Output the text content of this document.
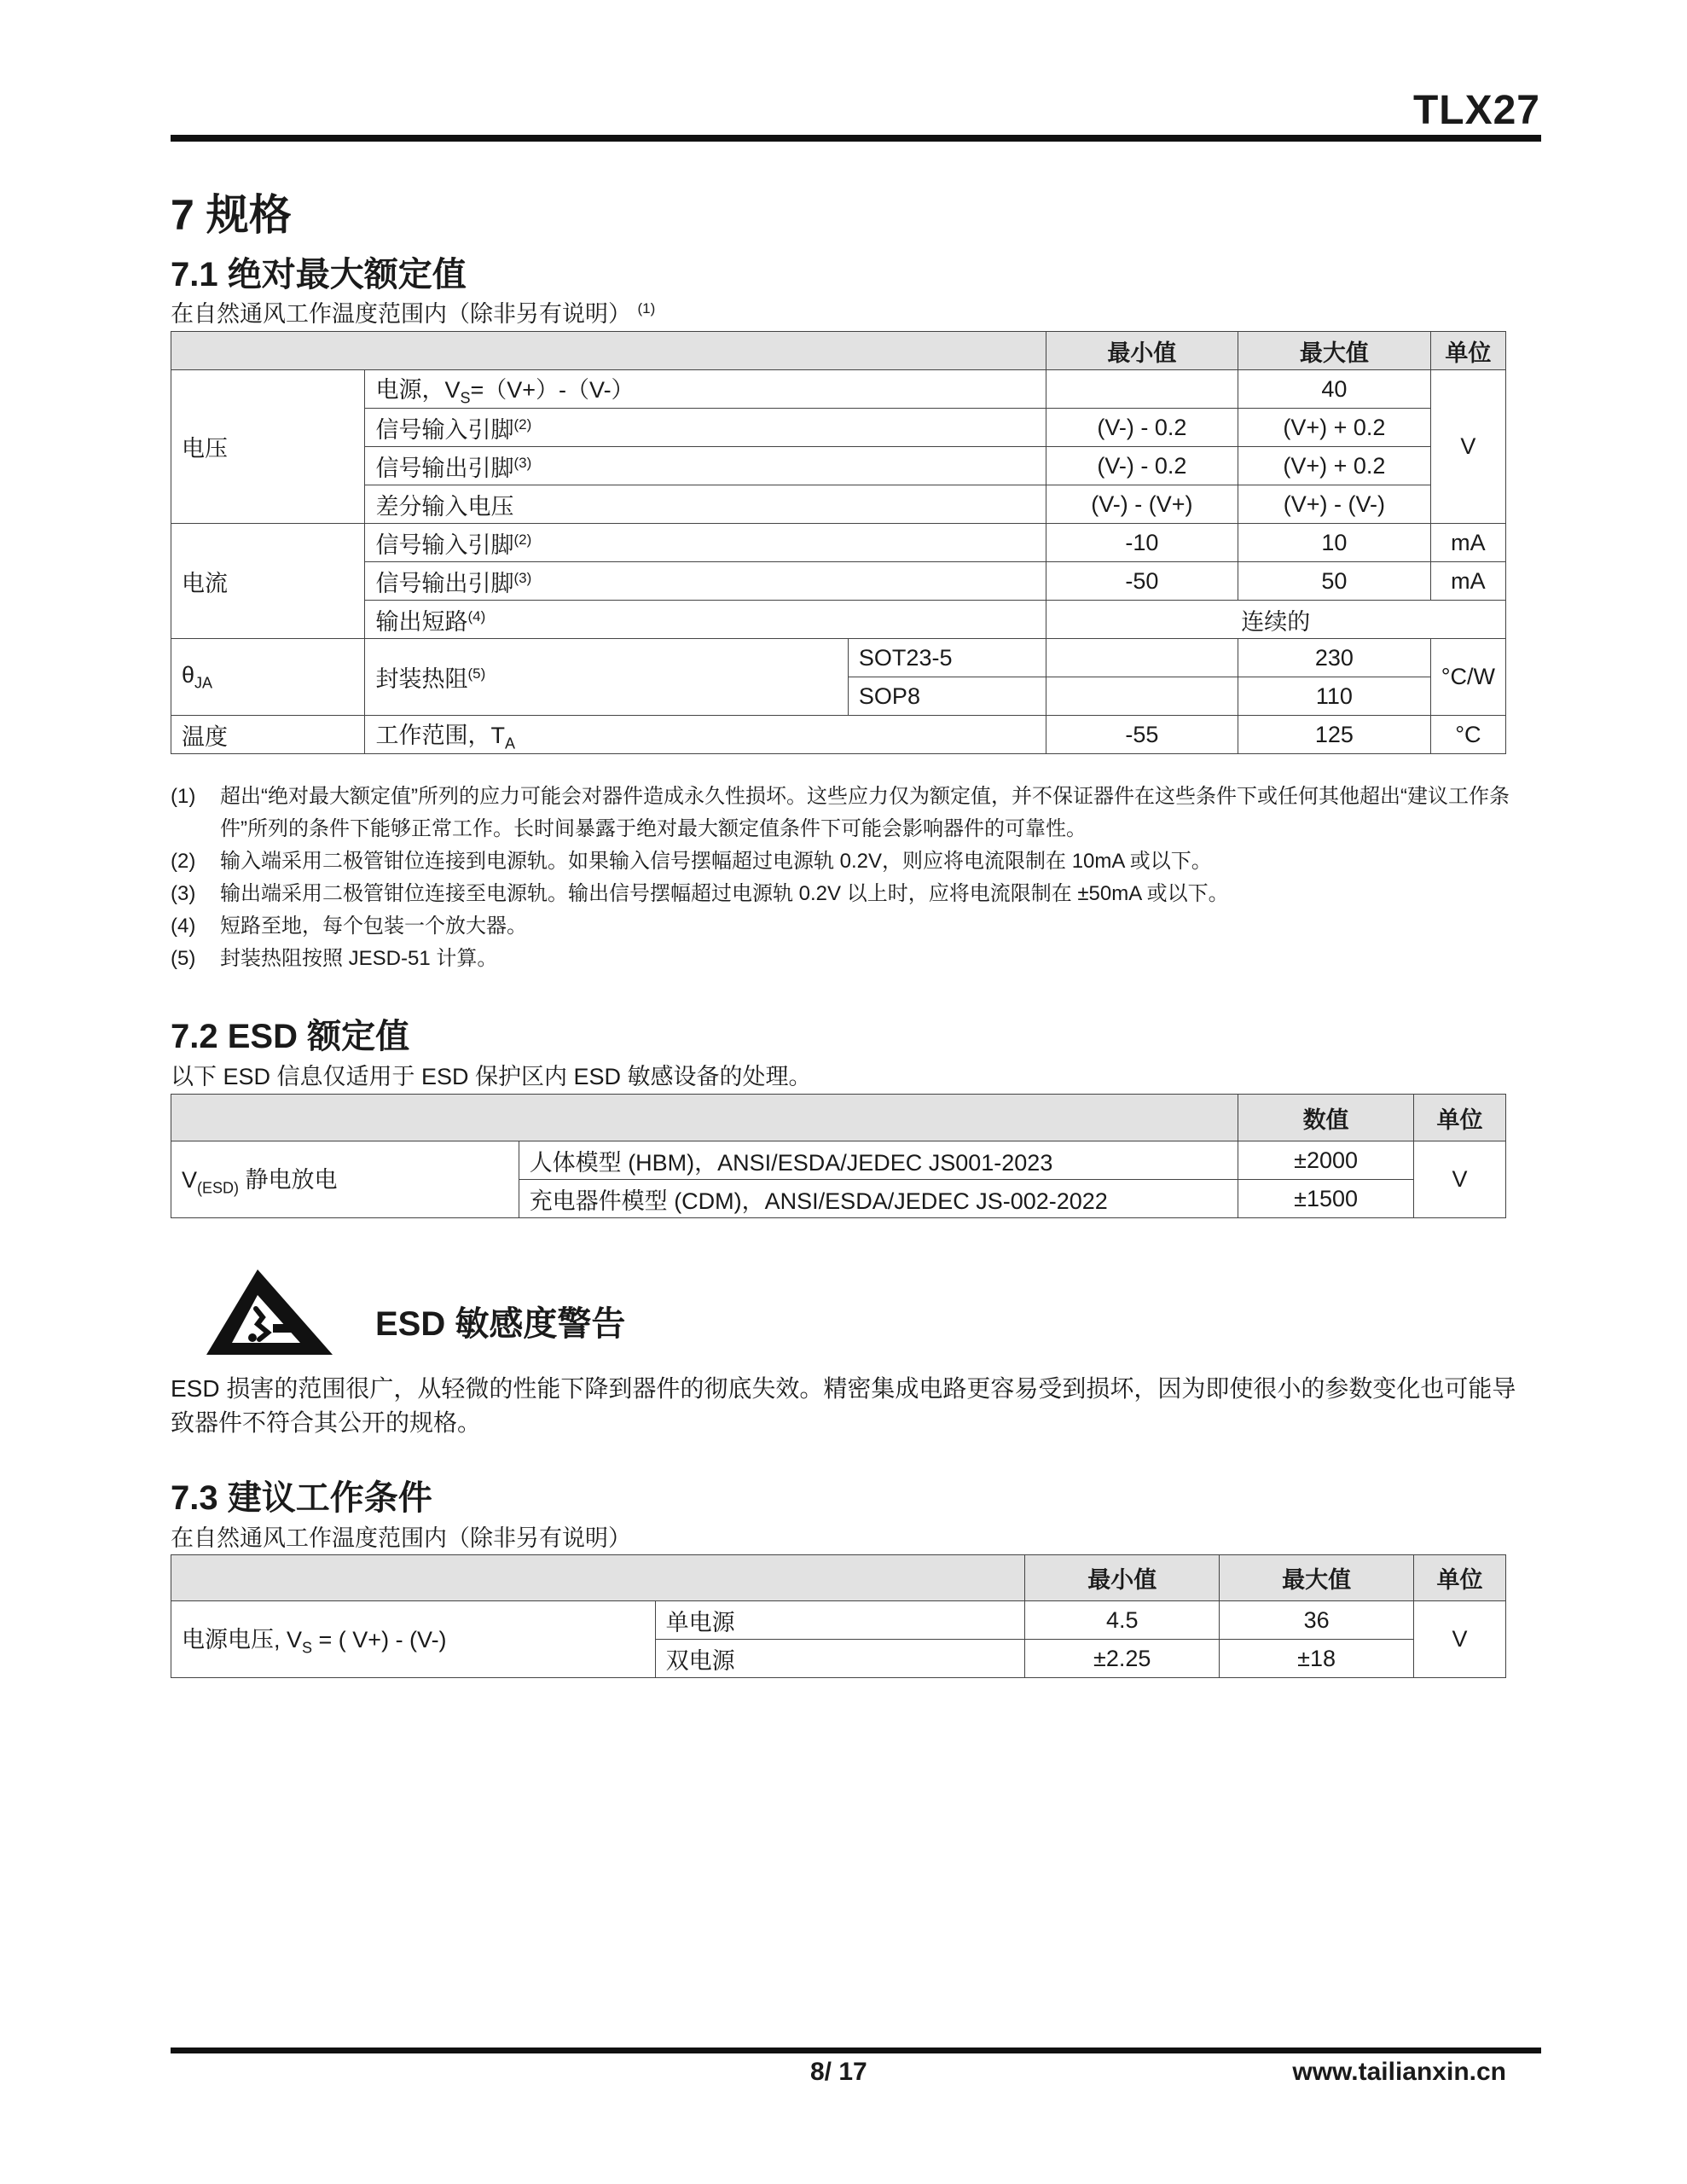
TLX27
7 规格
7.1 绝对最大额定值
在自然通风工作温度范围内（除非另有说明） $^{(1)}$
			最小值	最大值	单位
电压	电源，$V_S=(V+)-(V-)$			40	V
	信号输入引脚$^{(2)}$		(V-) - 0.2	(V+) + 0.2	
	信号输出引脚$^{(3)}$		(V-) - 0.2	(V+) + 0.2	
	差分输入电压		(V-) - (V+)	(V+) - (V-)	
电流	信号输入引脚$^{(2)}$		-10	10	mA
	信号输出引脚$^{(3)}$		-50	50	mA
	输出短路$^{(4)}$		连续的		
$\theta_{JA}$	封装热阻$^{(5)}$	SOT23-5		230	°C/W
		SOP8		110	
温度	工作范围，$T_A$		-55	125	°C
(1)	超出“绝对最大额定值”所列的应力可能会对器件造成永久性损坏。这些应力仅为额定值，并不保证器件在这些条件下或任何其他超出“建议工作条件”所列的条件下能够正常工作。长时间暴露于绝对最大额定值条件下可能会影响器件的可靠性。
(2)	输入端采用二极管钳位连接到电源轨。如果输入信号摆幅超过电源轨 0.2V，则应将电流限制在 10mA 或以下。
(3)	输出端采用二极管钳位连接至电源轨。输出信号摆幅超过电源轨 0.2V 以上时，应将电流限制在 ±50mA 或以下。
(4)	短路至地，每个包装一个放大器。
(5)	封装热阻按照 JESD-51 计算。
7.2 ESD 额定值
以下 ESD 信息仅适用于 ESD 保护区内 ESD 敏感设备的处理。
		数值	单位
$V_{(ESD)}$ 静电放电	人体模型 (HBM)，ANSI/ESDA/JEDEC JS001-2023	±2000	V
	充电器件模型 (CDM)，ANSI/ESDA/JEDEC JS-002-2022	±1500	
ESD 敏感度警告
ESD 损害的范围很广，从轻微的性能下降到器件的彻底失效。精密集成电路更容易受到损坏，因为即使很小的参数变化也可能导致器件不符合其公开的规格。
7.3 建议工作条件
在自然通风工作温度范围内（除非另有说明）
		最小值	最大值	单位
电源电压, $V_S$ = ( V+) - (V-)	单电源	4.5	36	V
	双电源	±2.25	±18	
8/ 17	www.tailianxin.cn
